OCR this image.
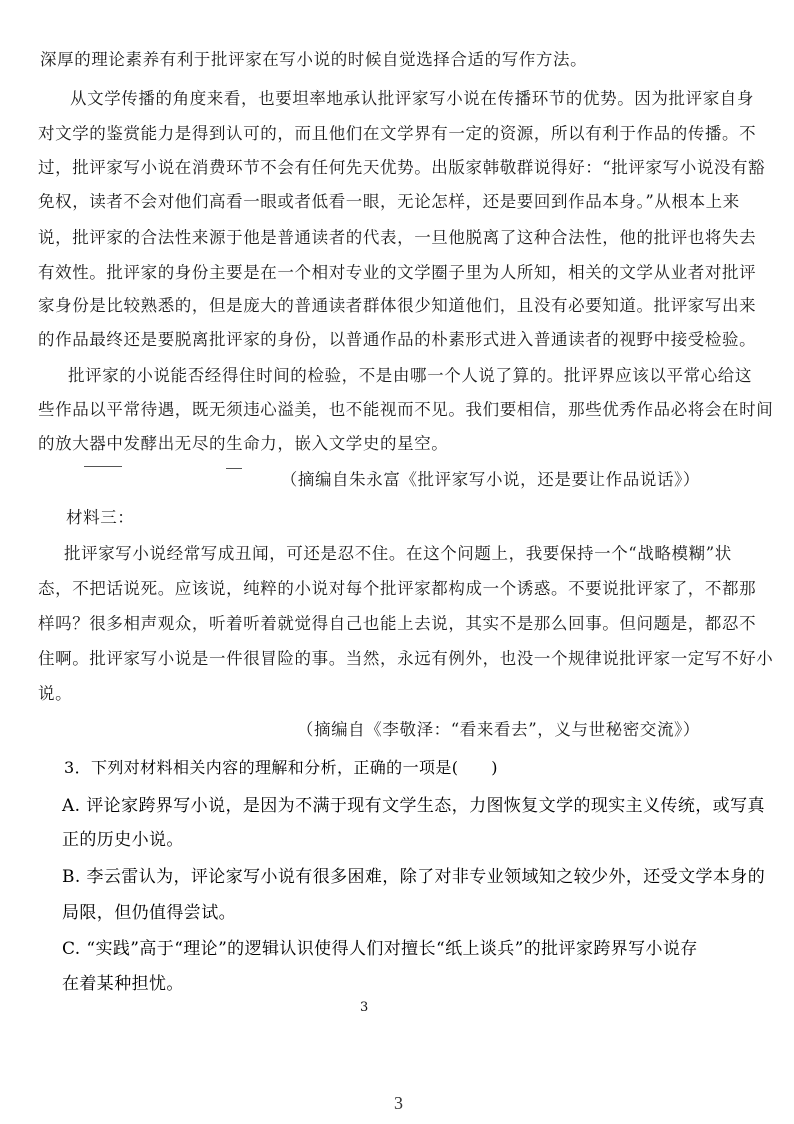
深厚的理论素养有利于批评家在写小说的时候自觉选择合适的写作方法。
从文学传播的角度来看，也要坦率地承认批评家写小说在传播环节的优势。因为批评家自身
对文学的鉴赏能力是得到认可的，而且他们在文学界有一定的资源，所以有利于作品的传播。不
过，批评家写小说在消费环节不会有任何先天优势。出版家韩敬群说得好：“批评家写小说没有豁
免权，读者不会对他们高看一眼或者低看一眼，无论怎样，还是要回到作品本身。”从根本上来
说，批评家的合法性来源于他是普通读者的代表，一旦他脱离了这种合法性，他的批评也将失去
有效性。批评家的身份主要是在一个相对专业的文学圈子里为人所知，相关的文学从业者对批评
家身份是比较熟悉的，但是庞大的普通读者群体很少知道他们，且没有必要知道。批评家写出来
的作品最终还是要脱离批评家的身份，以普通作品的朴素形式进入普通读者的视野中接受检验。
批评家的小说能否经得住时间的检验，不是由哪一个人说了算的。批评界应该以平常心给这
些作品以平常待遇，既无须违心溢美，也不能视而不见。我们要相信，那些优秀作品必将会在时间
的放大器中发酵出无尽的生命力，嵌入文学史的星空。
（摘编自朱永富《批评家写小说，还是要让作品说话》）
材料三：
批评家写小说经常写成丑闻，可还是忍不住。在这个问题上，我要保持一个“战略模糊”状
态，不把话说死。应该说，纯粹的小说对每个批评家都构成一个诱惑。不要说批评家了，不都那
样吗？很多相声观众，听着听着就觉得自己也能上去说，其实不是那么回事。但问题是，都忍不
住啊。批评家写小说是一件很冒险的事。当然，永远有例外，也没一个规律说批评家一定写不好小
说。
（摘编自《李敬泽：“看来看去”，义与世秘密交流》）
3．下列对材料相关内容的理解和分析，正确的一项是(　　)
A. 评论家跨界写小说，是因为不满于现有文学生态，力图恢复文学的现实主义传统，或写真
正的历史小说。
B. 李云雷认为，评论家写小说有很多困难，除了对非专业领域知之较少外，还受文学本身的
局限，但仍值得尝试。
C. “实践”高于“理论”的逻辑认识使得人们对擅长“纸上谈兵”的批评家跨界写小说存
在着某种担忧。
3
3
